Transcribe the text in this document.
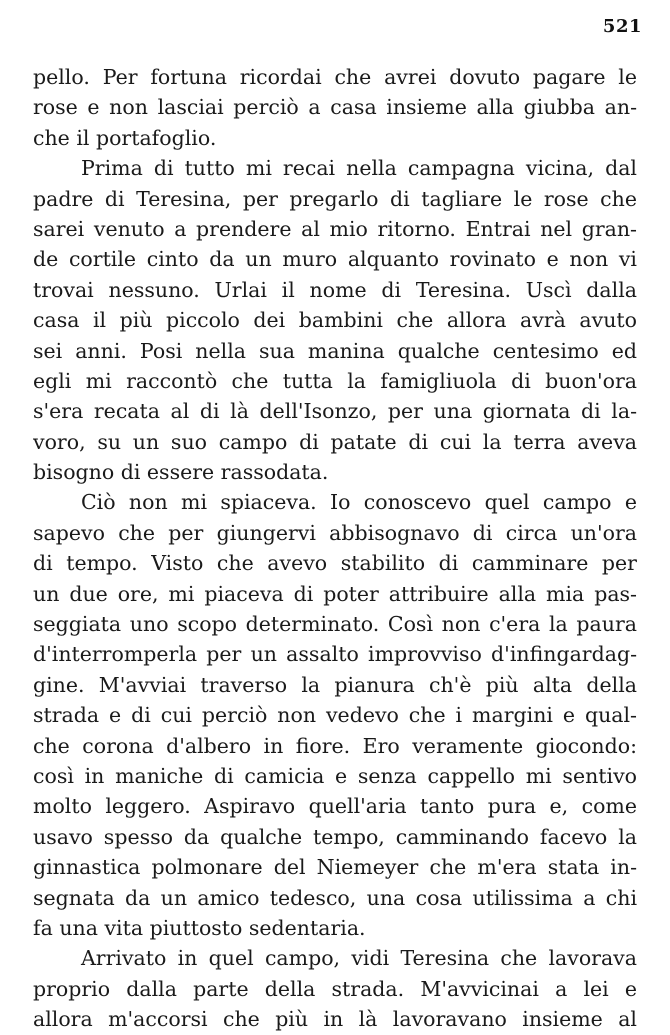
521
pello. Per fortuna ricordai che avrei dovuto pagare le
rose e non lasciai perciò a casa insieme alla giubba an-
che il portafoglio.
Prima di tutto mi recai nella campagna vicina, dal
padre di Teresina, per pregarlo di tagliare le rose che
sarei venuto a prendere al mio ritorno. Entrai nel gran-
de cortile cinto da un muro alquanto rovinato e non vi
trovai nessuno. Urlai il nome di Teresina. Uscì dalla
casa il più piccolo dei bambini che allora avrà avuto
sei anni. Posi nella sua manina qualche centesimo ed
egli mi raccontò che tutta la famigliuola di buon'ora
s'era recata al di là dell'Isonzo, per una giornata di la-
voro, su un suo campo di patate di cui la terra aveva
bisogno di essere rassodata.
Ciò non mi spiaceva. Io conoscevo quel campo e
sapevo che per giungervi abbisognavo di circa un'ora
di tempo. Visto che avevo stabilito di camminare per
un due ore, mi piaceva di poter attribuire alla mia pas-
seggiata uno scopo determinato. Così non c'era la paura
d'interromperla per un assalto improvviso d'infingardag-
gine. M'avviai traverso la pianura ch'è più alta della
strada e di cui perciò non vedevo che i margini e qual-
che corona d'albero in fiore. Ero veramente giocondo:
così in maniche di camicia e senza cappello mi sentivo
molto leggero. Aspiravo quell'aria tanto pura e, come
usavo spesso da qualche tempo, camminando facevo la
ginnastica polmonare del Niemeyer che m'era stata in-
segnata da un amico tedesco, una cosa utilissima a chi
fa una vita piuttosto sedentaria.
Arrivato in quel campo, vidi Teresina che lavorava
proprio dalla parte della strada. M'avvicinai a lei e
allora m'accorsi che più in là lavoravano insieme al
